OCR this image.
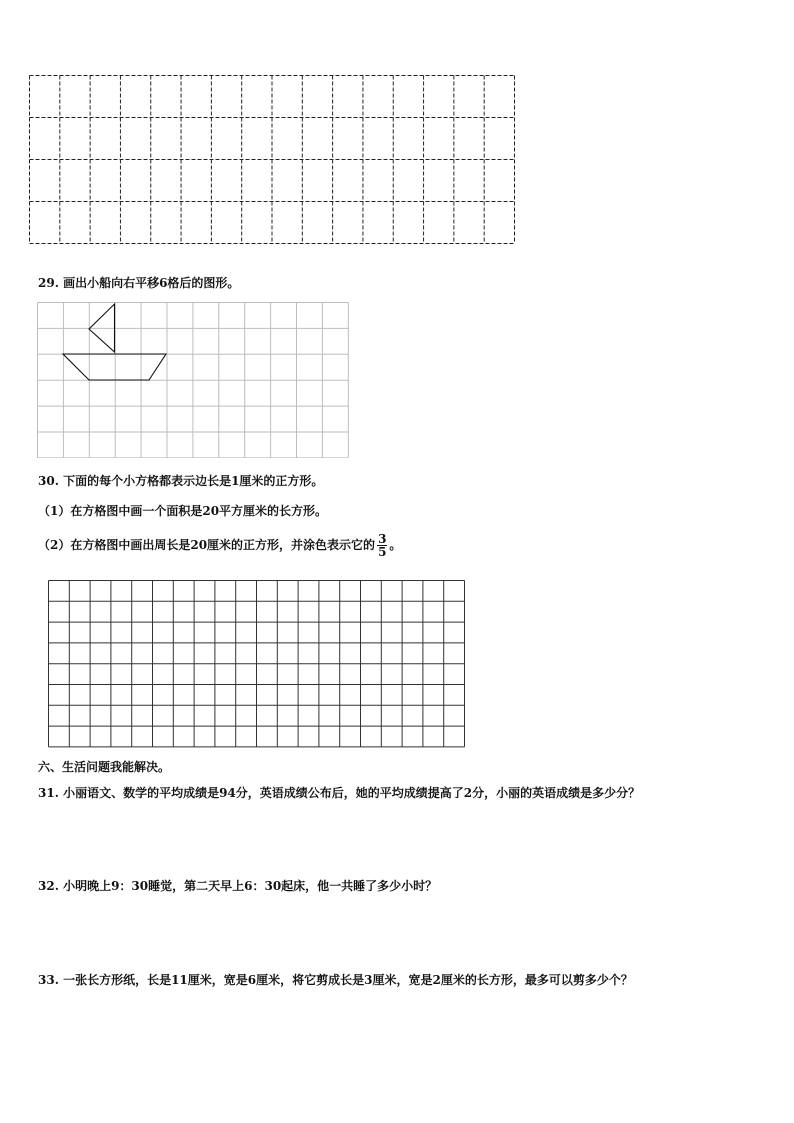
29. 画出小船向右平移6格后的图形。
30. 下面的每个小方格都表示边长是1厘米的正方形。
（1）在方格图中画一个面积是20平方厘米的长方形。
（2）在方格图中画出周长是20厘米的正方形，并涂色表示它的 $\frac{3}{5}$ 。
六、生活问题我能解决。
31. 小丽语文、数学的平均成绩是94分，英语成绩公布后，她的平均成绩提高了2分，小丽的英语成绩是多少分？
32. 小明晚上9：30睡觉，第二天早上6：30起床，他一共睡了多少小时？
33. 一张长方形纸，长是11厘米，宽是6厘米，将它剪成长是3厘米，宽是2厘米的长方形，最多可以剪多少个？
